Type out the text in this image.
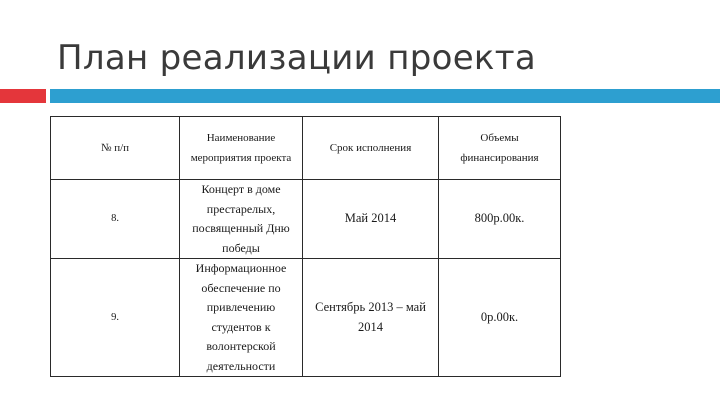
План реализации проекта
№ п/п	Наименование мероприятия проекта	Срок исполнения	Объемы финансирования
8.	Концерт в доме престарелых, посвященный Дню победы	Май 2014	800р.00к.
9.	Информационное обеспечение по привлечению студентов к волонтерской деятельности	Сентябрь 2013 – май 2014	0р.00к.
